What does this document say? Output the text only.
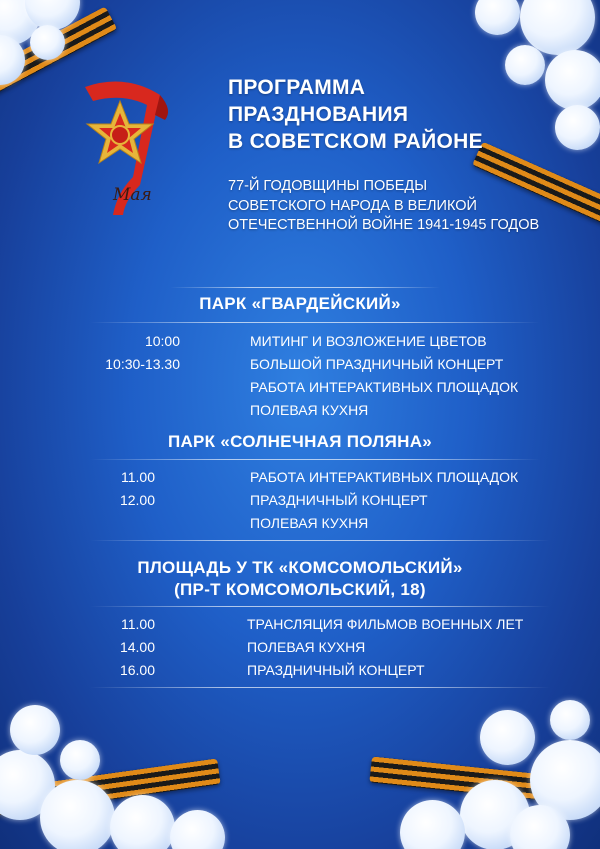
Мая
ПРОГРАММА
ПРАЗДНОВАНИЯ
В СОВЕТСКОМ РАЙОНЕ
77-Й ГОДОВЩИНЫ ПОБЕДЫ
СОВЕТСКОГО НАРОДА В ВЕЛИКОЙ
ОТЕЧЕСТВЕННОЙ ВОЙНЕ 1941-1945 ГОДОВ
ПАРК «ГВАРДЕЙСКИЙ»
10:00	МИТИНГ И ВОЗЛОЖЕНИЕ ЦВЕТОВ
10:30-13.30	БОЛЬШОЙ ПРАЗДНИЧНЫЙ КОНЦЕРТ
РАБОТА ИНТЕРАКТИВНЫХ ПЛОЩАДОК
ПОЛЕВАЯ КУХНЯ
ПАРК «СОЛНЕЧНАЯ ПОЛЯНА»
11.00	РАБОТА ИНТЕРАКТИВНЫХ ПЛОЩАДОК
12.00	ПРАЗДНИЧНЫЙ КОНЦЕРТ
ПОЛЕВАЯ КУХНЯ
ПЛОЩАДЬ У ТК «КОМСОМОЛЬСКИЙ»
(ПР-Т КОМСОМОЛЬСКИЙ, 18)
11.00	ТРАНСЛЯЦИЯ ФИЛЬМОВ ВОЕННЫХ ЛЕТ
14.00	ПОЛЕВАЯ КУХНЯ
16.00	ПРАЗДНИЧНЫЙ КОНЦЕРТ
